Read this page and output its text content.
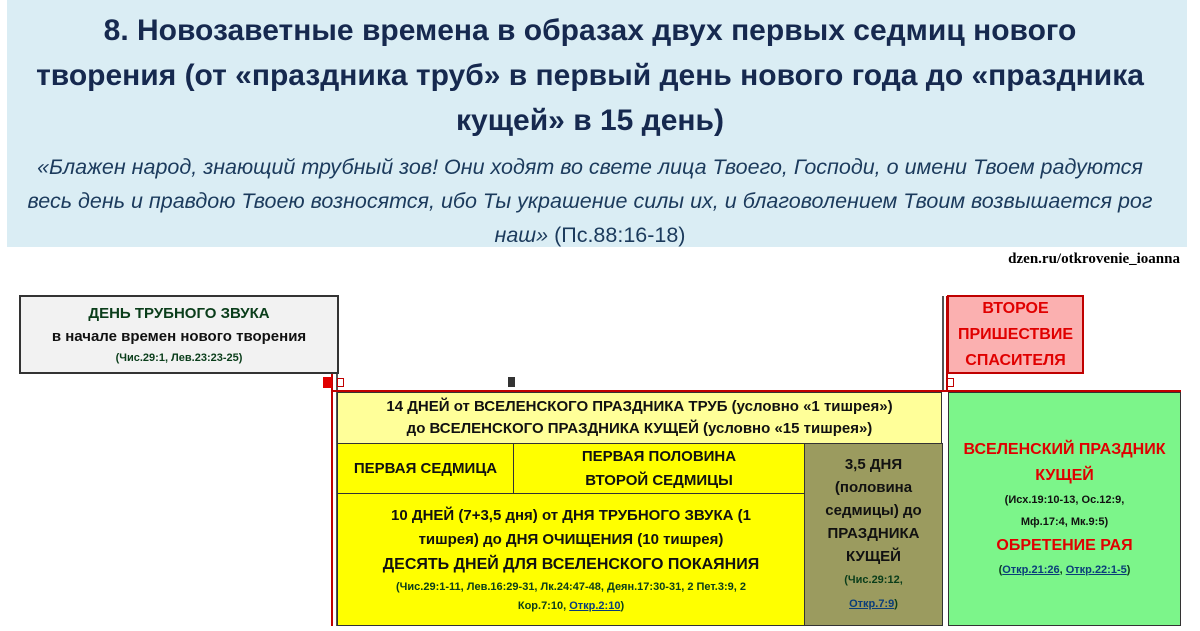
8. Новозаветные времена в образах двух первых седмиц нового творения (от «праздника труб» в первый день нового года до «праздника кущей» в 15 день)
«Блажен народ, знающий трубный зов! Они ходят во свете лица Твоего, Господи, о имени Твоем радуются весь день и правдою Твоею возносятся, ибо Ты украшение силы их, и благоволением Твоим возвышается рог наш» (Пс.88:16-18)
dzen.ru/otkrovenie_ioanna
ДЕНЬ ТРУБНОГО ЗВУКА
в начале времен нового творения
(Чис.29:1, Лев.23:23-25)
ВТОРОЕ
ПРИШЕСТВИЕ
СПАСИТЕЛЯ
14 ДНЕЙ от ВСЕЛЕНСКОГО ПРАЗДНИКА ТРУБ (условно «1 тишрея»)
до ВСЕЛЕНСКОГО ПРАЗДНИКА КУЩЕЙ (условно «15 тишрея»)
ПЕРВАЯ СЕДМИЦА
ПЕРВАЯ ПОЛОВИНА
ВТОРОЙ СЕДМИЦЫ
10 ДНЕЙ (7+3,5 дня) от ДНЯ ТРУБНОГО ЗВУКА (1
тишрея) до ДНЯ ОЧИЩЕНИЯ (10 тишрея)
ДЕСЯТЬ ДНЕЙ ДЛЯ ВСЕЛЕНСКОГО ПОКАЯНИЯ
(Чис.29:1-11, Лев.16:29-31, Лк.24:47-48, Деян.17:30-31, 2 Пет.3:9, 2
Кор.7:10, Откр.2:10)
3,5 ДНЯ
(половина
седмицы) до
ПРАЗДНИКА
КУЩЕЙ
(Чис.29:12,
Откр.7:9)
ВСЕЛЕНСКИЙ ПРАЗДНИК
КУЩЕЙ
(Исх.19:10-13, Ос.12:9,
Мф.17:4, Мк.9:5)
ОБРЕТЕНИЕ РАЯ
(Откр.21:26, Откр.22:1-5)
